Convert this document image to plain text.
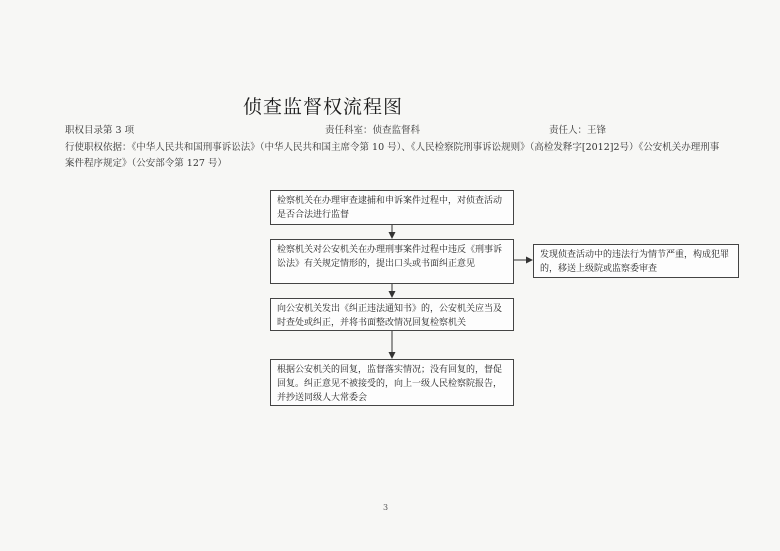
侦查监督权流程图
职权目录第 3 项	责任科室：侦查监督科	责任人：王锋
行使职权依据：《中华人民共和国刑事诉讼法》（中华人民共和国主席令第 10 号）、《人民检察院刑事诉讼规则》（高检发释字[2012]2号）《公安机关办理刑事案件程序规定》（公安部令第 127 号）
检察机关在办理审查逮捕和申诉案件过程中，对侦查活动是否合法进行监督
检察机关对公安机关在办理刑事案件过程中违反《刑事诉讼法》有关规定情形的，提出口头或书面纠正意见
发现侦查活动中的违法行为情节严重，构成犯罪的，移送上级院或监察委审查
向公安机关发出《纠正违法通知书》的，公安机关应当及时查处或纠正，并将书面整改情况回复检察机关
根据公安机关的回复，监督落实情况；没有回复的，督促回复。纠正意见不被接受的，向上一级人民检察院报告，并抄送同级人大常委会
3
